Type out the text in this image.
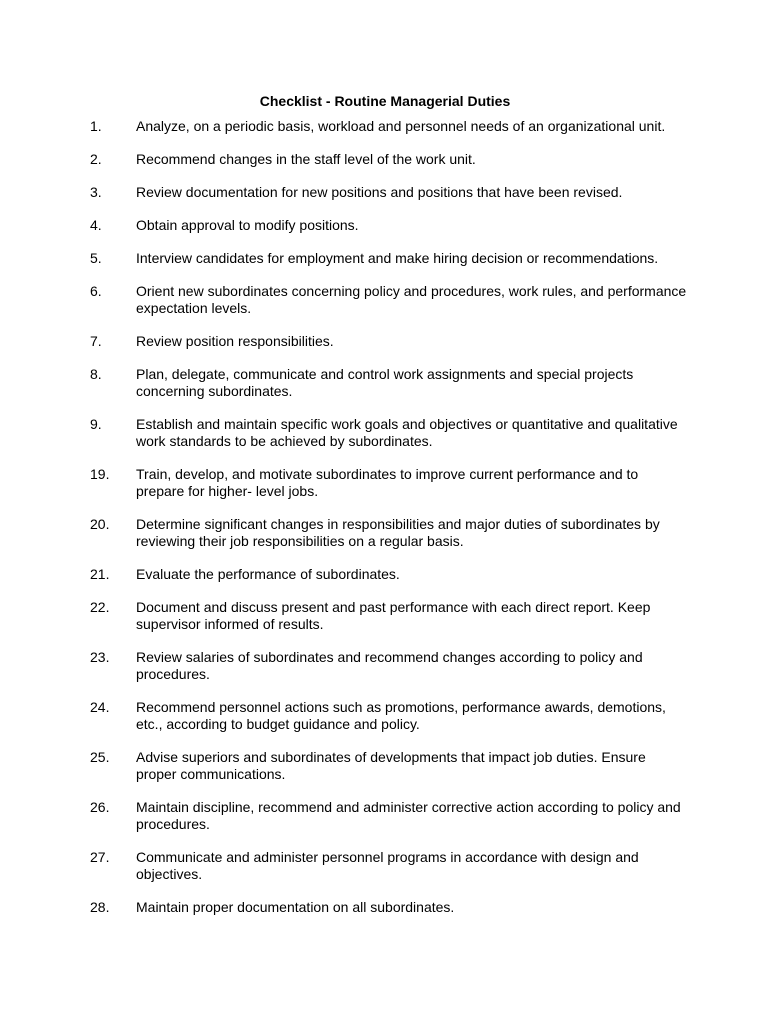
Checklist - Routine Managerial Duties
1.	Analyze, on a periodic basis, workload and personnel needs of an organizational unit.
2.	Recommend changes in the staff level of the work unit.
3.	Review documentation for new positions and positions that have been revised.
4.	Obtain approval to modify positions.
5.	Interview candidates for employment and make hiring decision or recommendations.
6.	Orient new subordinates concerning policy and procedures, work rules, and performance expectation levels.
7.	Review position responsibilities.
8.	Plan, delegate, communicate and control work assignments and special projects concerning subordinates.
9.	Establish and maintain specific work goals and objectives or quantitative and qualitative work standards to be achieved by subordinates.
19.	Train, develop, and motivate subordinates to improve current performance and to prepare for higher- level jobs.
20.	Determine significant changes in responsibilities and major duties of subordinates by reviewing their job responsibilities on a regular basis.
21.	Evaluate the performance of subordinates.
22.	Document and discuss present and past performance with each direct report. Keep supervisor informed of results.
23.	Review salaries of subordinates and recommend changes according to policy and procedures.
24.	Recommend personnel actions such as promotions, performance awards, demotions, etc., according to budget guidance and policy.
25.	Advise superiors and subordinates of developments that impact job duties. Ensure proper communications.
26.	Maintain discipline, recommend and administer corrective action according to policy and procedures.
27.	Communicate and administer personnel programs in accordance with design and objectives.
28.	Maintain proper documentation on all subordinates.
